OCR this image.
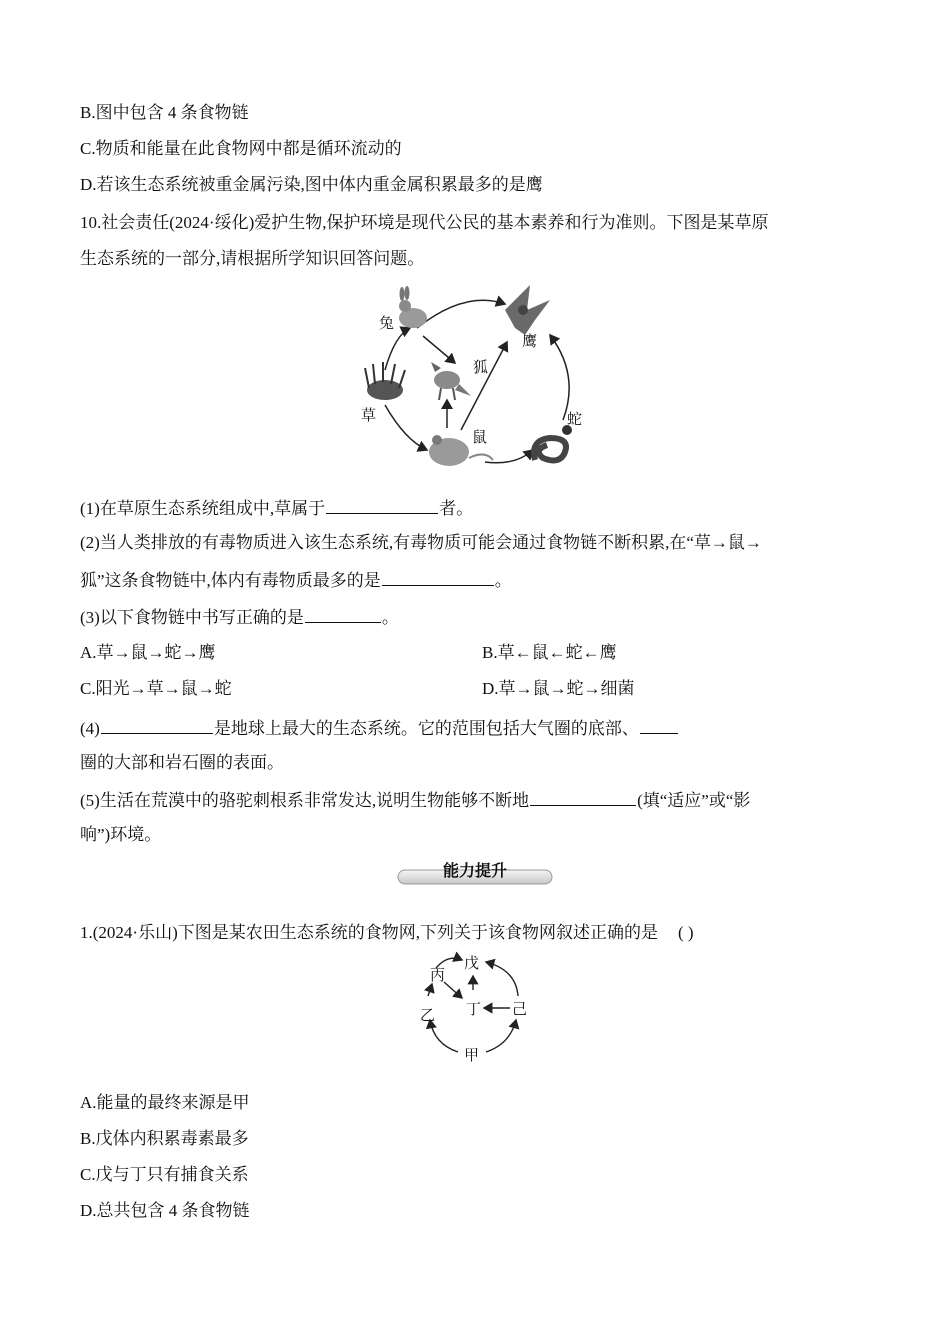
B.图中包含 4 条食物链
C.物质和能量在此食物网中都是循环流动的
D.若该生态系统被重金属污染,图中体内重金属积累最多的是鹰
10.社会责任(2024·绥化)爱护生物,保护环境是现代公民的基本素养和行为准则。下图是某草原
生态系统的一部分,请根据所学知识回答问题。
兔
鹰
狐
草
鼠
蛇
(1)在草原生态系统组成中,草属于	者。
(2)当人类排放的有毒物质进入该生态系统,有毒物质可能会通过食物链不断积累,在“草→鼠→
狐”这条食物链中,体内有毒物质最多的是	。
(3)以下食物链中书写正确的是	。
A.草→鼠→蛇→鹰	B.草←鼠←蛇←鹰
C.阳光→草→鼠→蛇	D.草→鼠→蛇→细菌
(4)	是地球上最大的生态系统。它的范围包括大气圈的底部、
圈的大部和岩石圈的表面。
(5)生活在荒漠中的骆驼刺根系非常发达,说明生物能够不断地	(填“适应”或“影
响”)环境。
能力提升
1.(2024·乐山)下图是某农田生态系统的食物网,下列关于该食物网叙述正确的是 ( )
戊
丙
丁 己
乙
甲
A.能量的最终来源是甲
B.戊体内积累毒素最多
C.戊与丁只有捕食关系
D.总共包含 4 条食物链
